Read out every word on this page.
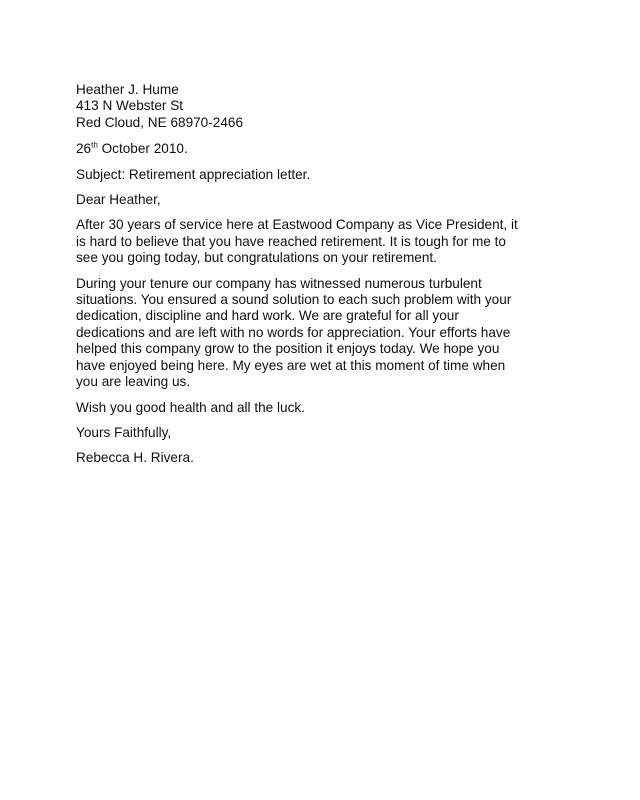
Heather J. Hume
413 N Webster St
Red Cloud, NE 68970-2466
26th October 2010.
Subject: Retirement appreciation letter.
Dear Heather,
After 30 years of service here at Eastwood Company as Vice President, it
is hard to believe that you have reached retirement. It is tough for me to
see you going today, but congratulations on your retirement.
During your tenure our company has witnessed numerous turbulent
situations. You ensured a sound solution to each such problem with your
dedication, discipline and hard work. We are grateful for all your
dedications and are left with no words for appreciation. Your efforts have
helped this company grow to the position it enjoys today. We hope you
have enjoyed being here. My eyes are wet at this moment of time when
you are leaving us.
Wish you good health and all the luck.
Yours Faithfully,
Rebecca H. Rivera.
